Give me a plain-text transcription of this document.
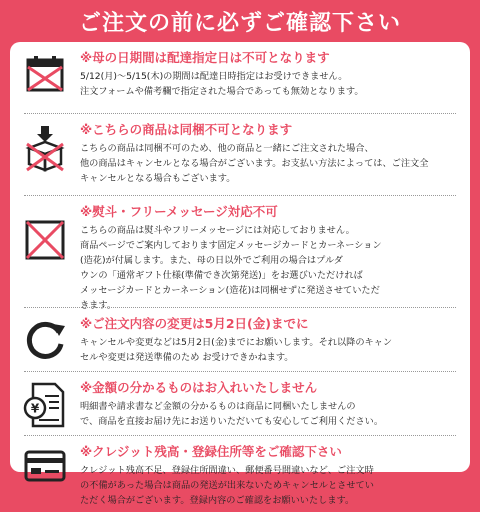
ご注文の前に必ずご確認下さい
※母の日期間は配達指定日は不可となります
5/12(月)～5/15(木)の期間は配達日時指定はお受けできません。
注文フォームや備考欄で指定された場合であっても無効となります。
※こちらの商品は同梱不可となります
こちらの商品は同梱不可のため、他の商品と一緒にご注文された場合、
他の商品はキャンセルとなる場合がございます。お支払い方法によっては、ご注文全
キャンセルとなる場合もございます。
※熨斗・フリーメッセージ対応不可
こちらの商品は熨斗やフリーメッセージには対応しておりません。
商品ページでご案内しております固定メッセージカードとカーネーション
(造花)が付属します。また、母の日以外でご利用の場合はプルダ
ウンの「通常ギフト仕様(準備でき次第発送)」をお選びいただければ
メッセージカードとカーネーション(造花)は同梱せずに発送させていただ
きます。
※ご注文内容の変更は5月2日(金)までに
キャンセルや変更などは5月2日(金)までにお願いします。それ以降のキャン
セルや変更は発送準備のため お受けできかねます。
¥
※金額の分かるものはお入れいたしません
明細書や請求書など金額の分かるものは商品に同梱いたしませんの
で、商品を直接お届け先にお送りいただいても安心してご利用ください。
※クレジット残高・登録住所等をご確認下さい
クレジット残高不足、登録住所間違い、郵便番号間違いなど、ご注文時
の不備があった場合は商品の発送が出来ないためキャンセルとさせてい
ただく場合がございます。登録内容のご確認をお願いいたします。
